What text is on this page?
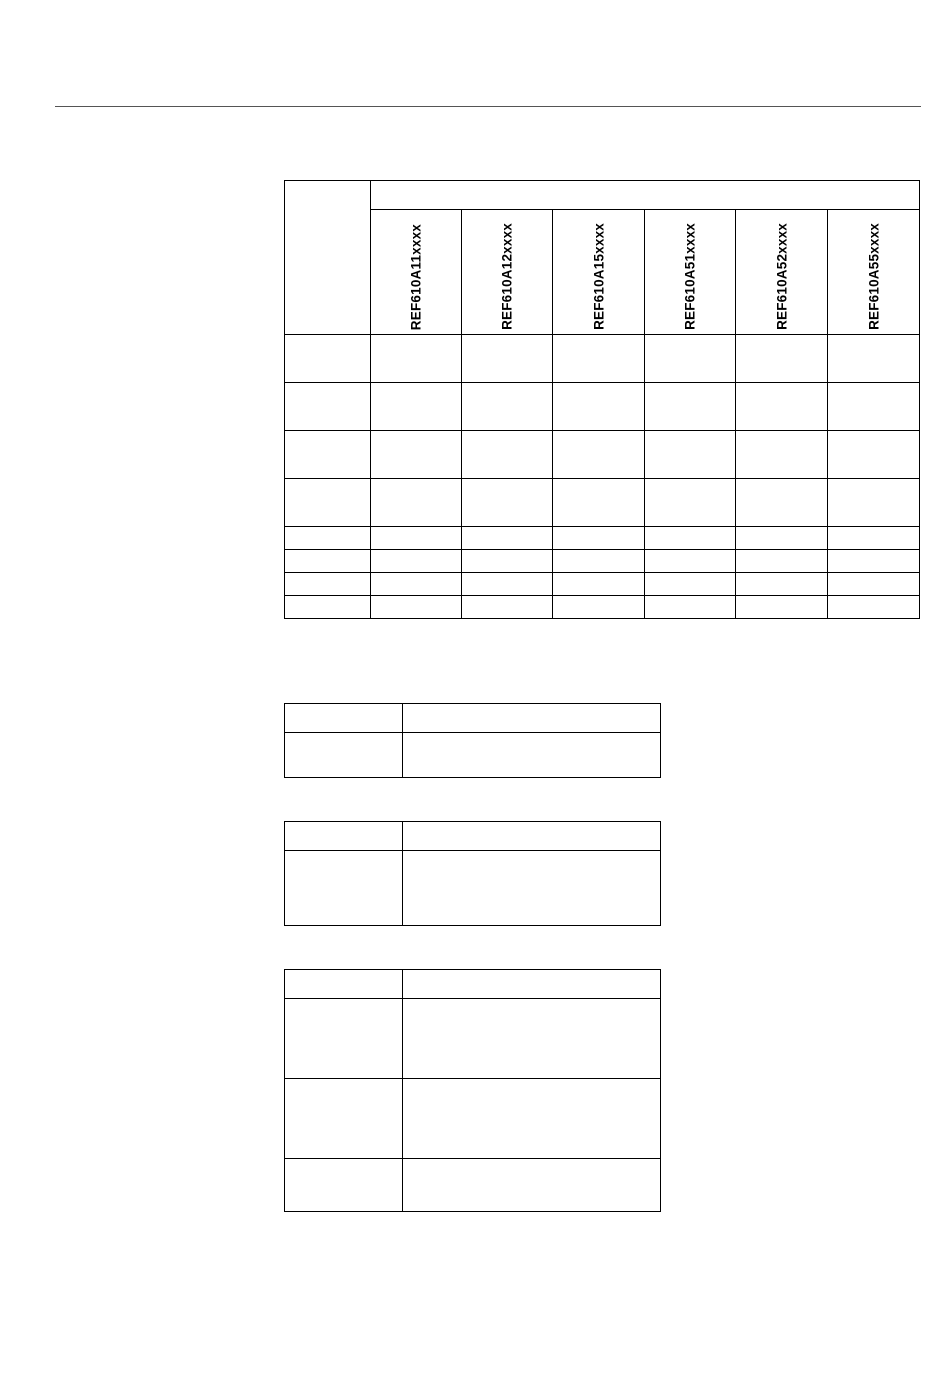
	REF610A11xxxx	REF610A12xxxx	REF610A15xxxx	REF610A51xxxx	REF610A52xxxx	REF610A55xxxx
